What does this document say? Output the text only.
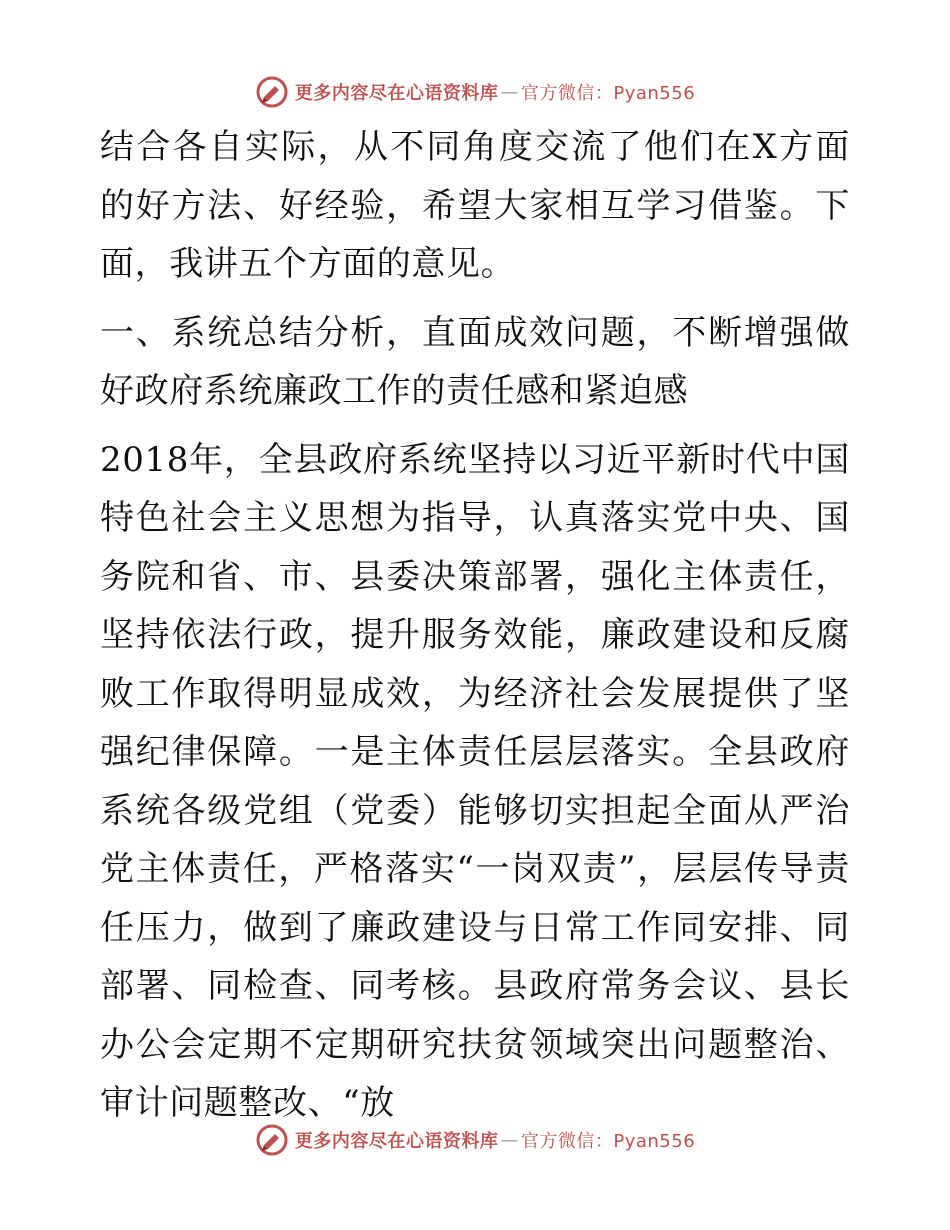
更多内容尽在心语资料库 — 官方微信：Pyan556

结合各自实际，从不同角度交流了他们在X方面的好方法、好经验，希望大家相互学习借鉴。下面，我讲五个方面的意见。

一、系统总结分析，直面成效问题，不断增强做好政府系统廉政工作的责任感和紧迫感

2018年，全县政府系统坚持以习近平新时代中国特色社会主义思想为指导，认真落实党中央、国务院和省、市、县委决策部署，强化主体责任，坚持依法行政，提升服务效能，廉政建设和反腐败工作取得明显成效，为经济社会发展提供了坚强纪律保障。一是主体责任层层落实。全县政府系统各级党组（党委）能够切实担起全面从严治党主体责任，严格落实“一岗双责”，层层传导责任压力，做到了廉政建设与日常工作同安排、同部署、同检查、同考核。县政府常务会议、县长办公会定期不定期研究扶贫领域突出问题整治、审计问题整改、“放

更多内容尽在心语资料库 — 官方微信：Pyan556
